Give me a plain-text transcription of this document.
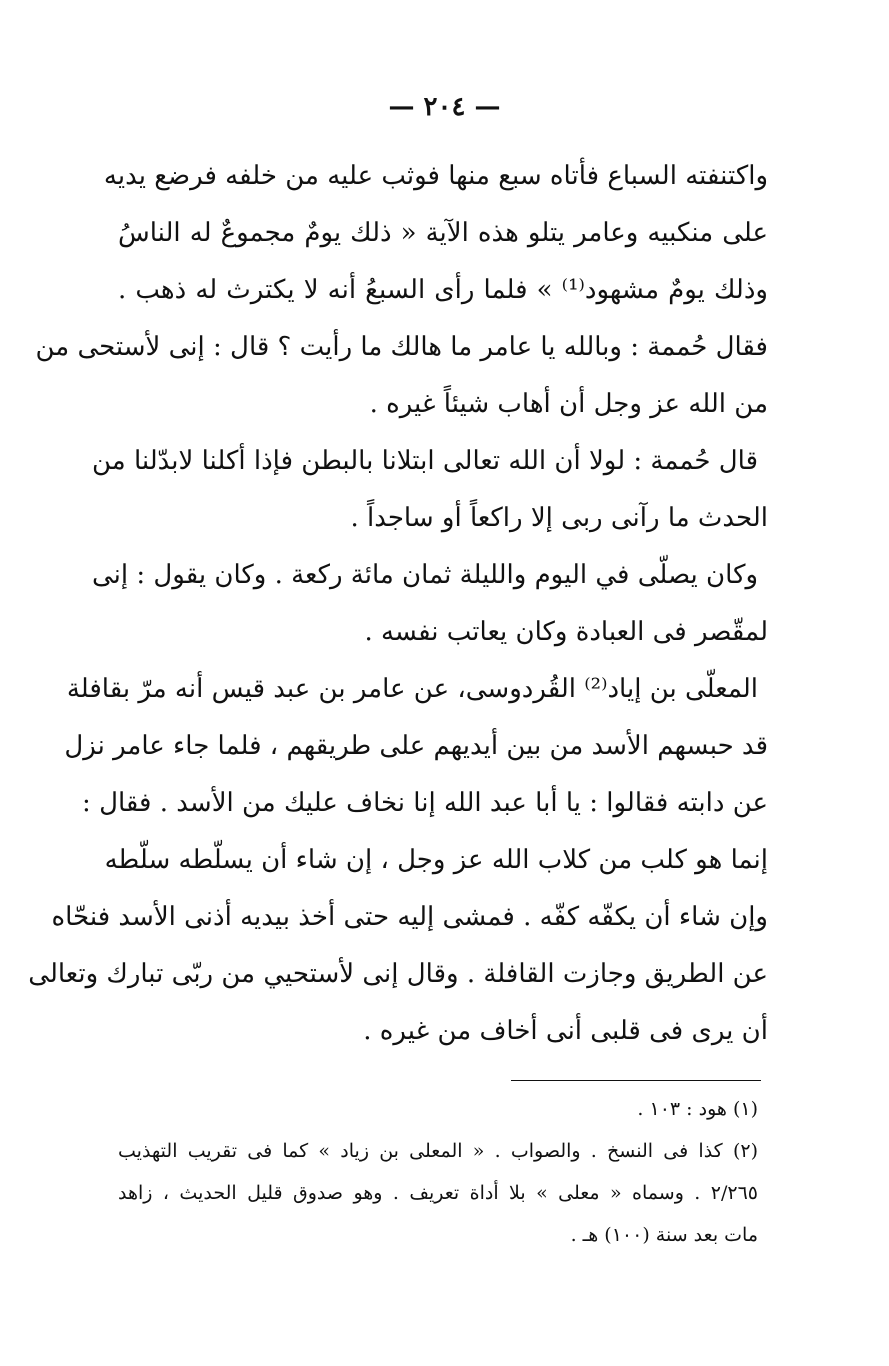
— ٢٠٤ —
واكتنفته السباع فأتاه سبع منها فوثب عليه من خلفه فرضع يديه
على منكبيه وعامر يتلو هذه الآية « ذلك يومٌ مجموعٌ له الناسُ
وذلك يومٌ مشهود⁽¹⁾ » فلما رأى السبعُ أنه لا يكترث له ذهب .
فقال حُممة : وبالله يا عامر ما هالك ما رأيت ؟ قال : إنى لأستحى من
من الله عز وجل أن أهاب شيئاً غيره .
قال حُممة : لولا أن الله تعالى ابتلانا بالبطن فإذا أكلنا لابدّلنا من
الحدث ما رآنى ربى إلا راكعاً أو ساجداً .
وكان يصلّى في اليوم والليلة ثمان مائة ركعة . وكان يقول : إنى
لمقّصر فى العبادة وكان يعاتب نفسه .
المعلّى بن إياد⁽²⁾ القُردوسى، عن عامر بن عبد قيس أنه مرّ بقافلة
قد حبسهم الأسد من بين أيديهم على طريقهم ، فلما جاء عامر نزل
عن دابته فقالوا : يا أبا عبد الله إنا نخاف عليك من الأسد . فقال :
إنما هو كلب من كلاب الله عز وجل ، إن شاء أن يسلّطه سلّطه
وإن شاء أن يكفّه كفّه . فمشى إليه حتى أخذ بيديه أذنى الأسد فنحّاه
عن الطريق وجازت القافلة . وقال إنى لأستحيي من ربّى تبارك وتعالى
أن يرى فى قلبى أنى أخاف من غيره .
(١) هود : ١٠٣ .
(٢) كذا فى النسخ . والصواب . « المعلى بن زياد » كما فى تقريب التهذيب
٢/٢٦٥ . وسماه « معلى » بلا أداة تعريف . وهو صدوق قليل الحديث ، زاهد
مات بعد سنة (١٠٠) هـ .
